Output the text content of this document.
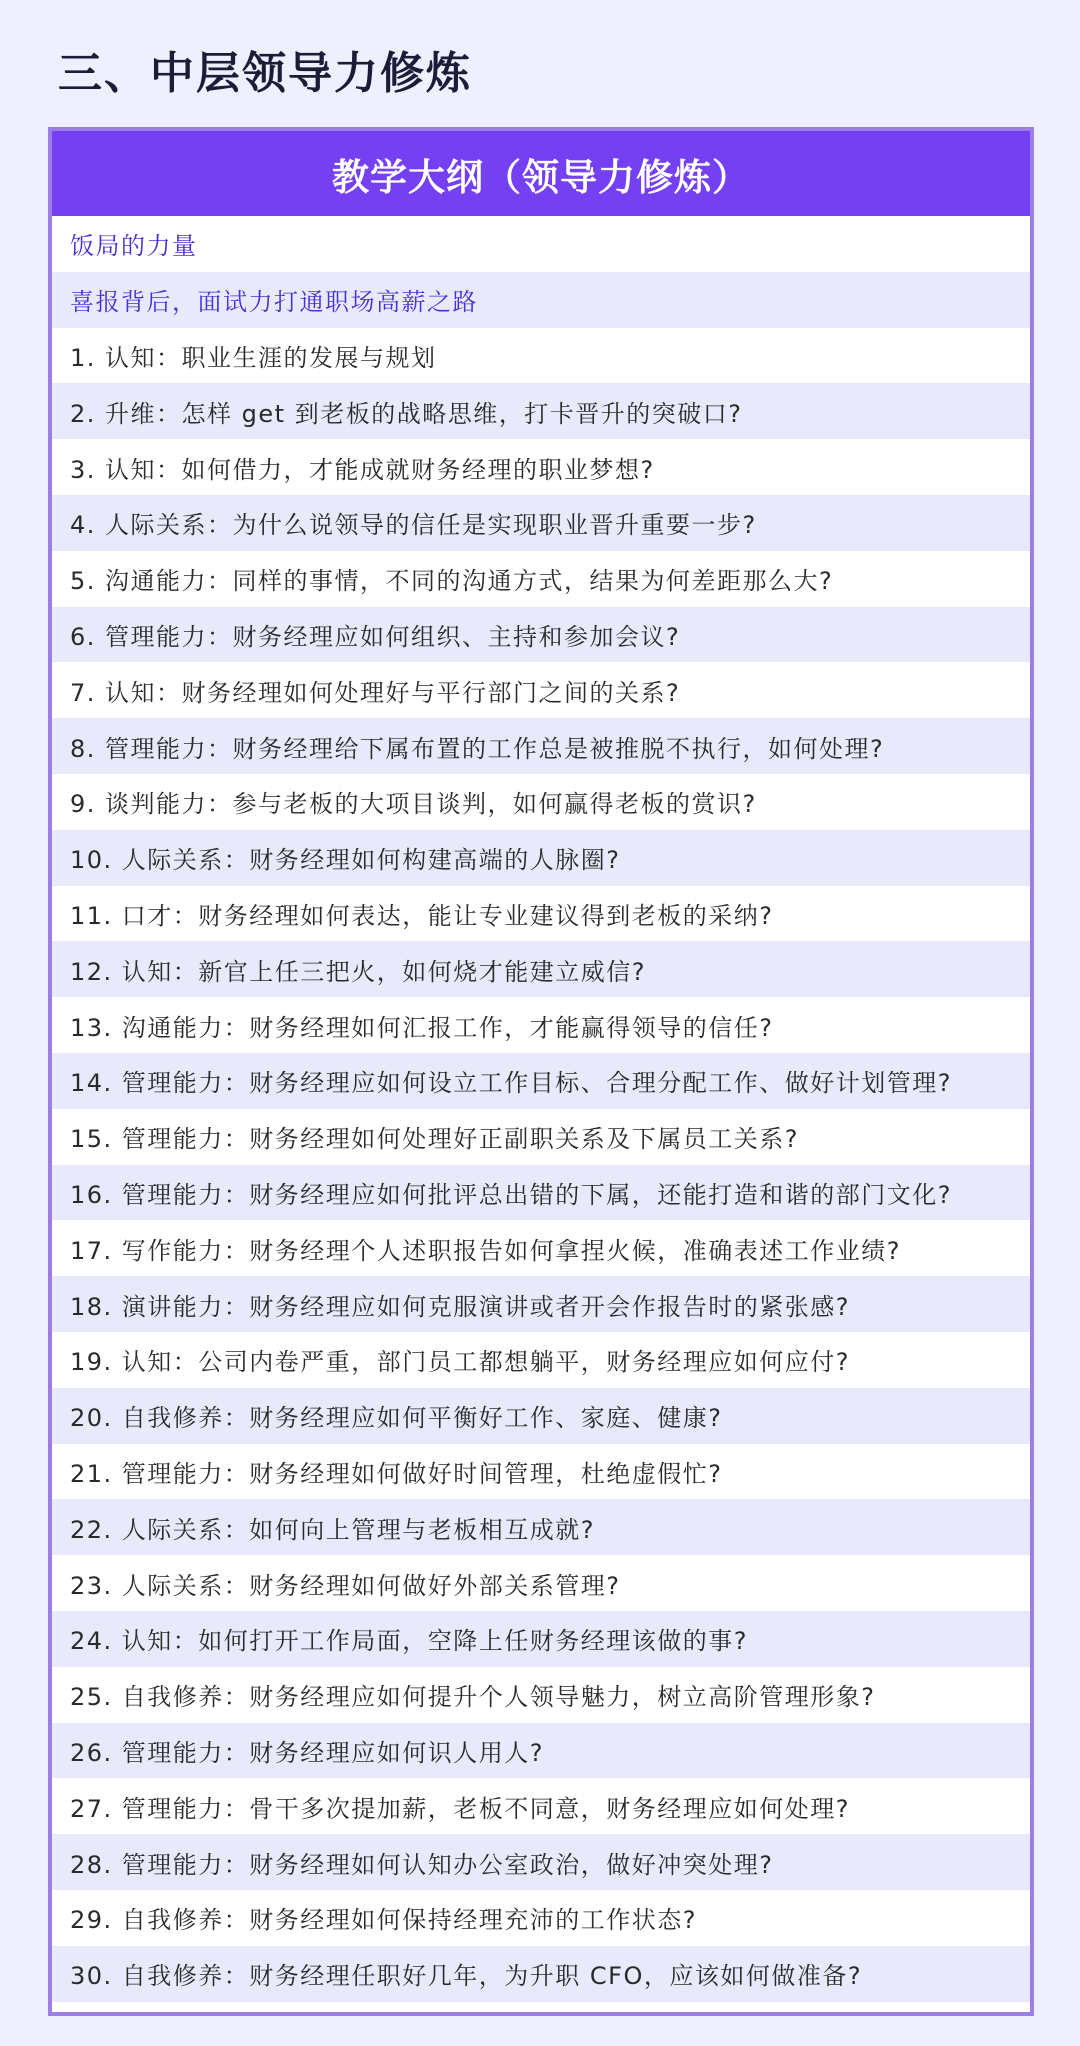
三、中层领导力修炼
教学大纲（领导力修炼）
饭局的力量
喜报背后，面试力打通职场高薪之路
1. 认知：职业生涯的发展与规划
2. 升维：怎样 get 到老板的战略思维，打卡晋升的突破口?
3. 认知：如何借力，才能成就财务经理的职业梦想?
4. 人际关系：为什么说领导的信任是实现职业晋升重要一步?
5. 沟通能力：同样的事情，不同的沟通方式，结果为何差距那么大?
6. 管理能力：财务经理应如何组织、主持和参加会议?
7. 认知：财务经理如何处理好与平行部门之间的关系?
8. 管理能力：财务经理给下属布置的工作总是被推脱不执行，如何处理?
9. 谈判能力：参与老板的大项目谈判，如何赢得老板的赏识?
10. 人际关系：财务经理如何构建高端的人脉圈?
11. 口才：财务经理如何表达，能让专业建议得到老板的采纳?
12. 认知：新官上任三把火，如何烧才能建立威信?
13. 沟通能力：财务经理如何汇报工作，才能赢得领导的信任?
14. 管理能力：财务经理应如何设立工作目标、合理分配工作、做好计划管理?
15. 管理能力：财务经理如何处理好正副职关系及下属员工关系?
16. 管理能力：财务经理应如何批评总出错的下属，还能打造和谐的部门文化?
17. 写作能力：财务经理个人述职报告如何拿捏火候，准确表述工作业绩?
18. 演讲能力：财务经理应如何克服演讲或者开会作报告时的紧张感?
19. 认知：公司内卷严重，部门员工都想躺平，财务经理应如何应付?
20. 自我修养：财务经理应如何平衡好工作、家庭、健康?
21. 管理能力：财务经理如何做好时间管理，杜绝虚假忙?
22. 人际关系：如何向上管理与老板相互成就?
23. 人际关系：财务经理如何做好外部关系管理?
24. 认知：如何打开工作局面，空降上任财务经理该做的事?
25. 自我修养：财务经理应如何提升个人领导魅力，树立高阶管理形象?
26. 管理能力：财务经理应如何识人用人?
27. 管理能力：骨干多次提加薪，老板不同意，财务经理应如何处理?
28. 管理能力：财务经理如何认知办公室政治，做好冲突处理?
29. 自我修养：财务经理如何保持经理充沛的工作状态?
30. 自我修养：财务经理任职好几年，为升职 CFO，应该如何做准备?
